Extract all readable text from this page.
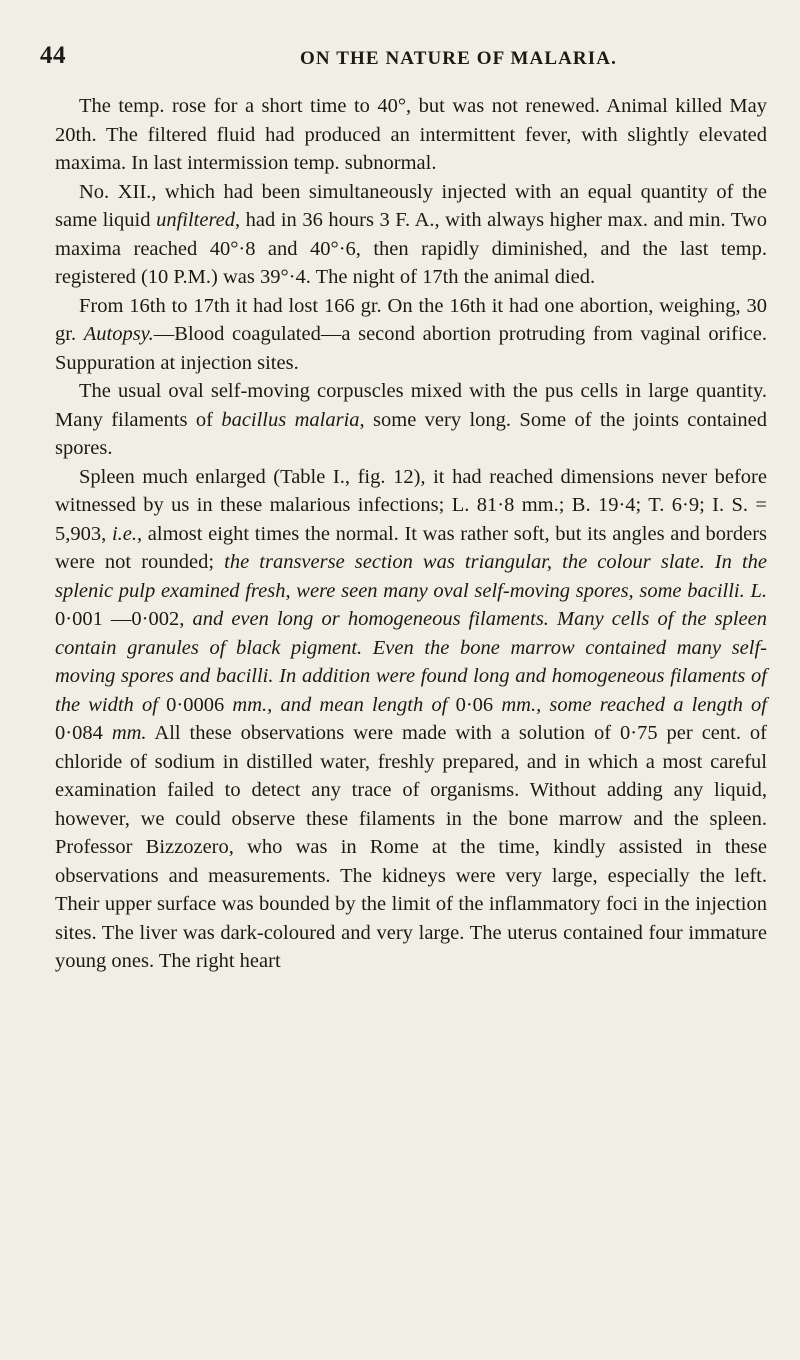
44	ON THE NATURE OF MALARIA.

The temp. rose for a short time to 40°, but was not renewed. Animal killed May 20th. The filtered fluid had produced an intermittent fever, with slightly elevated maxima. In last intermission temp. subnormal.

No. XII., which had been simultaneously injected with an equal quantity of the same liquid unfiltered, had in 36 hours 3 F. A., with always higher max. and min. Two maxima reached 40°·8 and 40°·6, then rapidly diminished, and the last temp. registered (10 P.M.) was 39°·4. The night of 17th the animal died.

From 16th to 17th it had lost 166 gr. On the 16th it had one abortion, weighing, 30 gr. Autopsy.—Blood coagulated—a second abortion protruding from vaginal orifice. Suppuration at injection sites.

The usual oval self-moving corpuscles mixed with the pus cells in large quantity. Many filaments of bacillus malaria, some very long. Some of the joints contained spores.

Spleen much enlarged (Table I., fig. 12), it had reached dimensions never before witnessed by us in these malarious infections; L. 81·8 mm.; B. 19·4; T. 6·9; I. S. = 5,903, i.e., almost eight times the normal. It was rather soft, but its angles and borders were not rounded; the transverse section was triangular, the colour slate. In the splenic pulp examined fresh, were seen many oval self-moving spores, some bacilli. L. 0·001 —0·002, and even long or homogeneous filaments. Many cells of the spleen contain granules of black pigment. Even the bone marrow contained many self-moving spores and bacilli. In addition were found long and homogeneous filaments of the width of 0·0006 mm., and mean length of 0·06 mm., some reached a length of 0·084 mm. All these observations were made with a solution of 0·75 per cent. of chloride of sodium in distilled water, freshly prepared, and in which a most careful examination failed to detect any trace of organisms. Without adding any liquid, however, we could observe these filaments in the bone marrow and the spleen. Professor Bizzozero, who was in Rome at the time, kindly assisted in these observations and measurements. The kidneys were very large, especially the left. Their upper surface was bounded by the limit of the inflammatory foci in the injection sites. The liver was dark-coloured and very large. The uterus contained four immature young ones. The right heart
